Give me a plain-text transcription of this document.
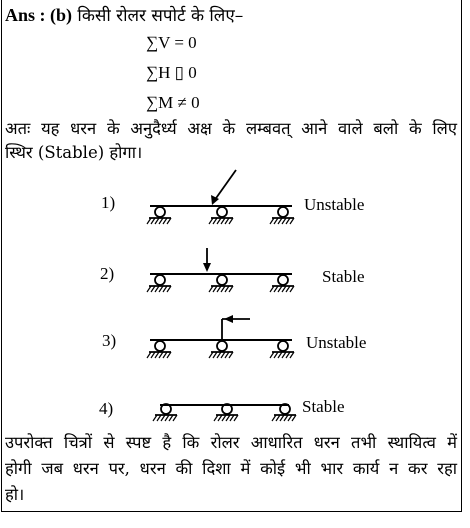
Ans : (b) किसी रोलर सपोर्ट के लिए–
∑V = 0
∑H ▯ 0
∑M ≠ 0
अतः यह धरन के अनुदैर्ध्य अक्ष के लम्बवत् आने वाले बलो के लिए
स्थिर (Stable) होगा।
1)	Unstable
2)	Stable
3)	Unstable
4)	Stable
उपरोक्त चित्रों से स्पष्ट है कि रोलर आधारित धरन तभी स्थायित्व में
होगी जब धरन पर, धरन की दिशा में कोई भी भार कार्य न कर रहा
हो।
